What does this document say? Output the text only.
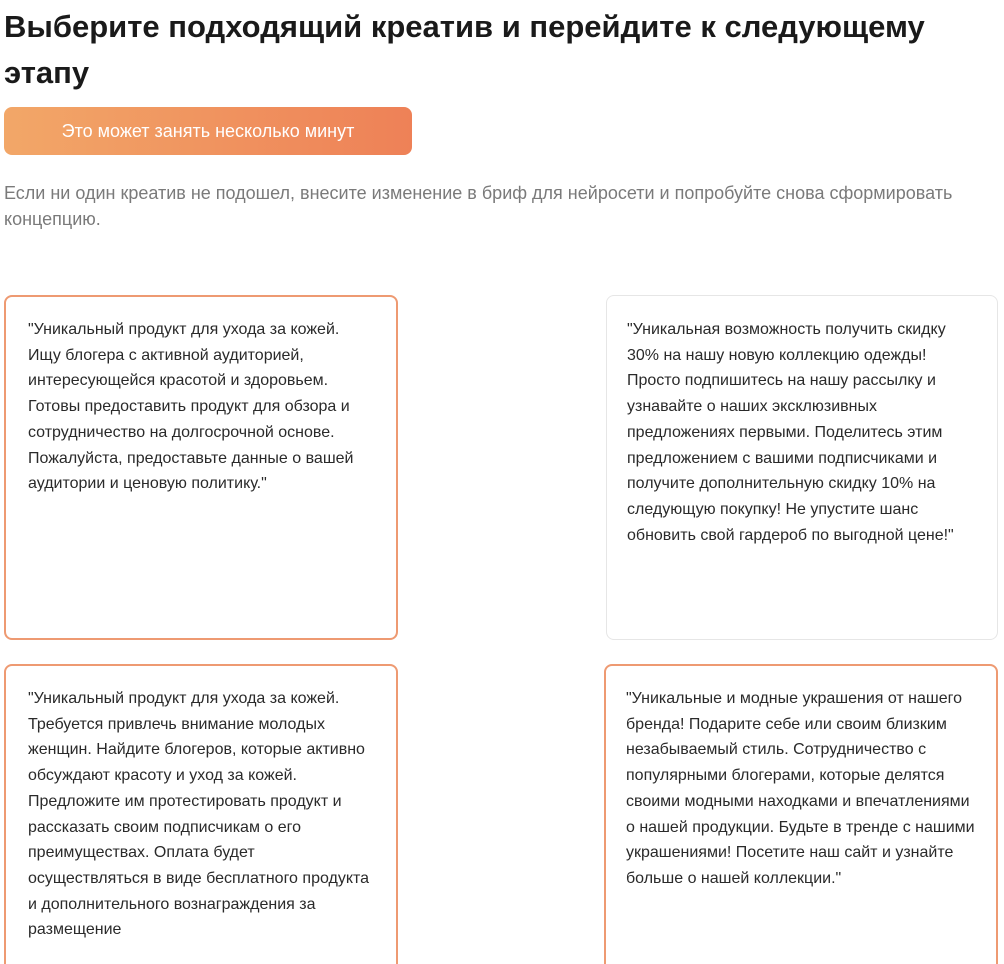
Выберите подходящий креатив и перейдите к следующему этапу
Это может занять несколько минут

Если ни один креатив не подошел, внесите изменение в бриф для нейросети и попробуйте снова сформировать концепцию.

"Уникальный продукт для ухода за кожей. Ищу блогера с активной аудиторией, интересующейся красотой и здоровьем. Готовы предоставить продукт для обзора и сотрудничество на долгосрочной основе. Пожалуйста, предоставьте данные о вашей аудитории и ценовую политику."

"Уникальная возможность получить скидку 30% на нашу новую коллекцию одежды! Просто подпишитесь на нашу рассылку и узнавайте о наших эксклюзивных предложениях первыми. Поделитесь этим предложением с вашими подписчиками и получите дополнительную скидку 10% на следующую покупку! Не упустите шанс обновить свой гардероб по выгодной цене!"

"Уникальный продукт для ухода за кожей. Требуется привлечь внимание молодых женщин. Найдите блогеров, которые активно обсуждают красоту и уход за кожей. Предложите им протестировать продукт и рассказать своим подписчикам о его преимуществах. Оплата будет осуществляться в виде бесплатного продукта и дополнительного вознаграждения за размещение

"Уникальные и модные украшения от нашего бренда! Подарите себе или своим близким незабываемый стиль. Сотрудничество с популярными блогерами, которые делятся своими модными находками и впечатлениями о нашей продукции. Будьте в тренде с нашими украшениями! Посетите наш сайт и узнайте больше о нашей коллекции."
